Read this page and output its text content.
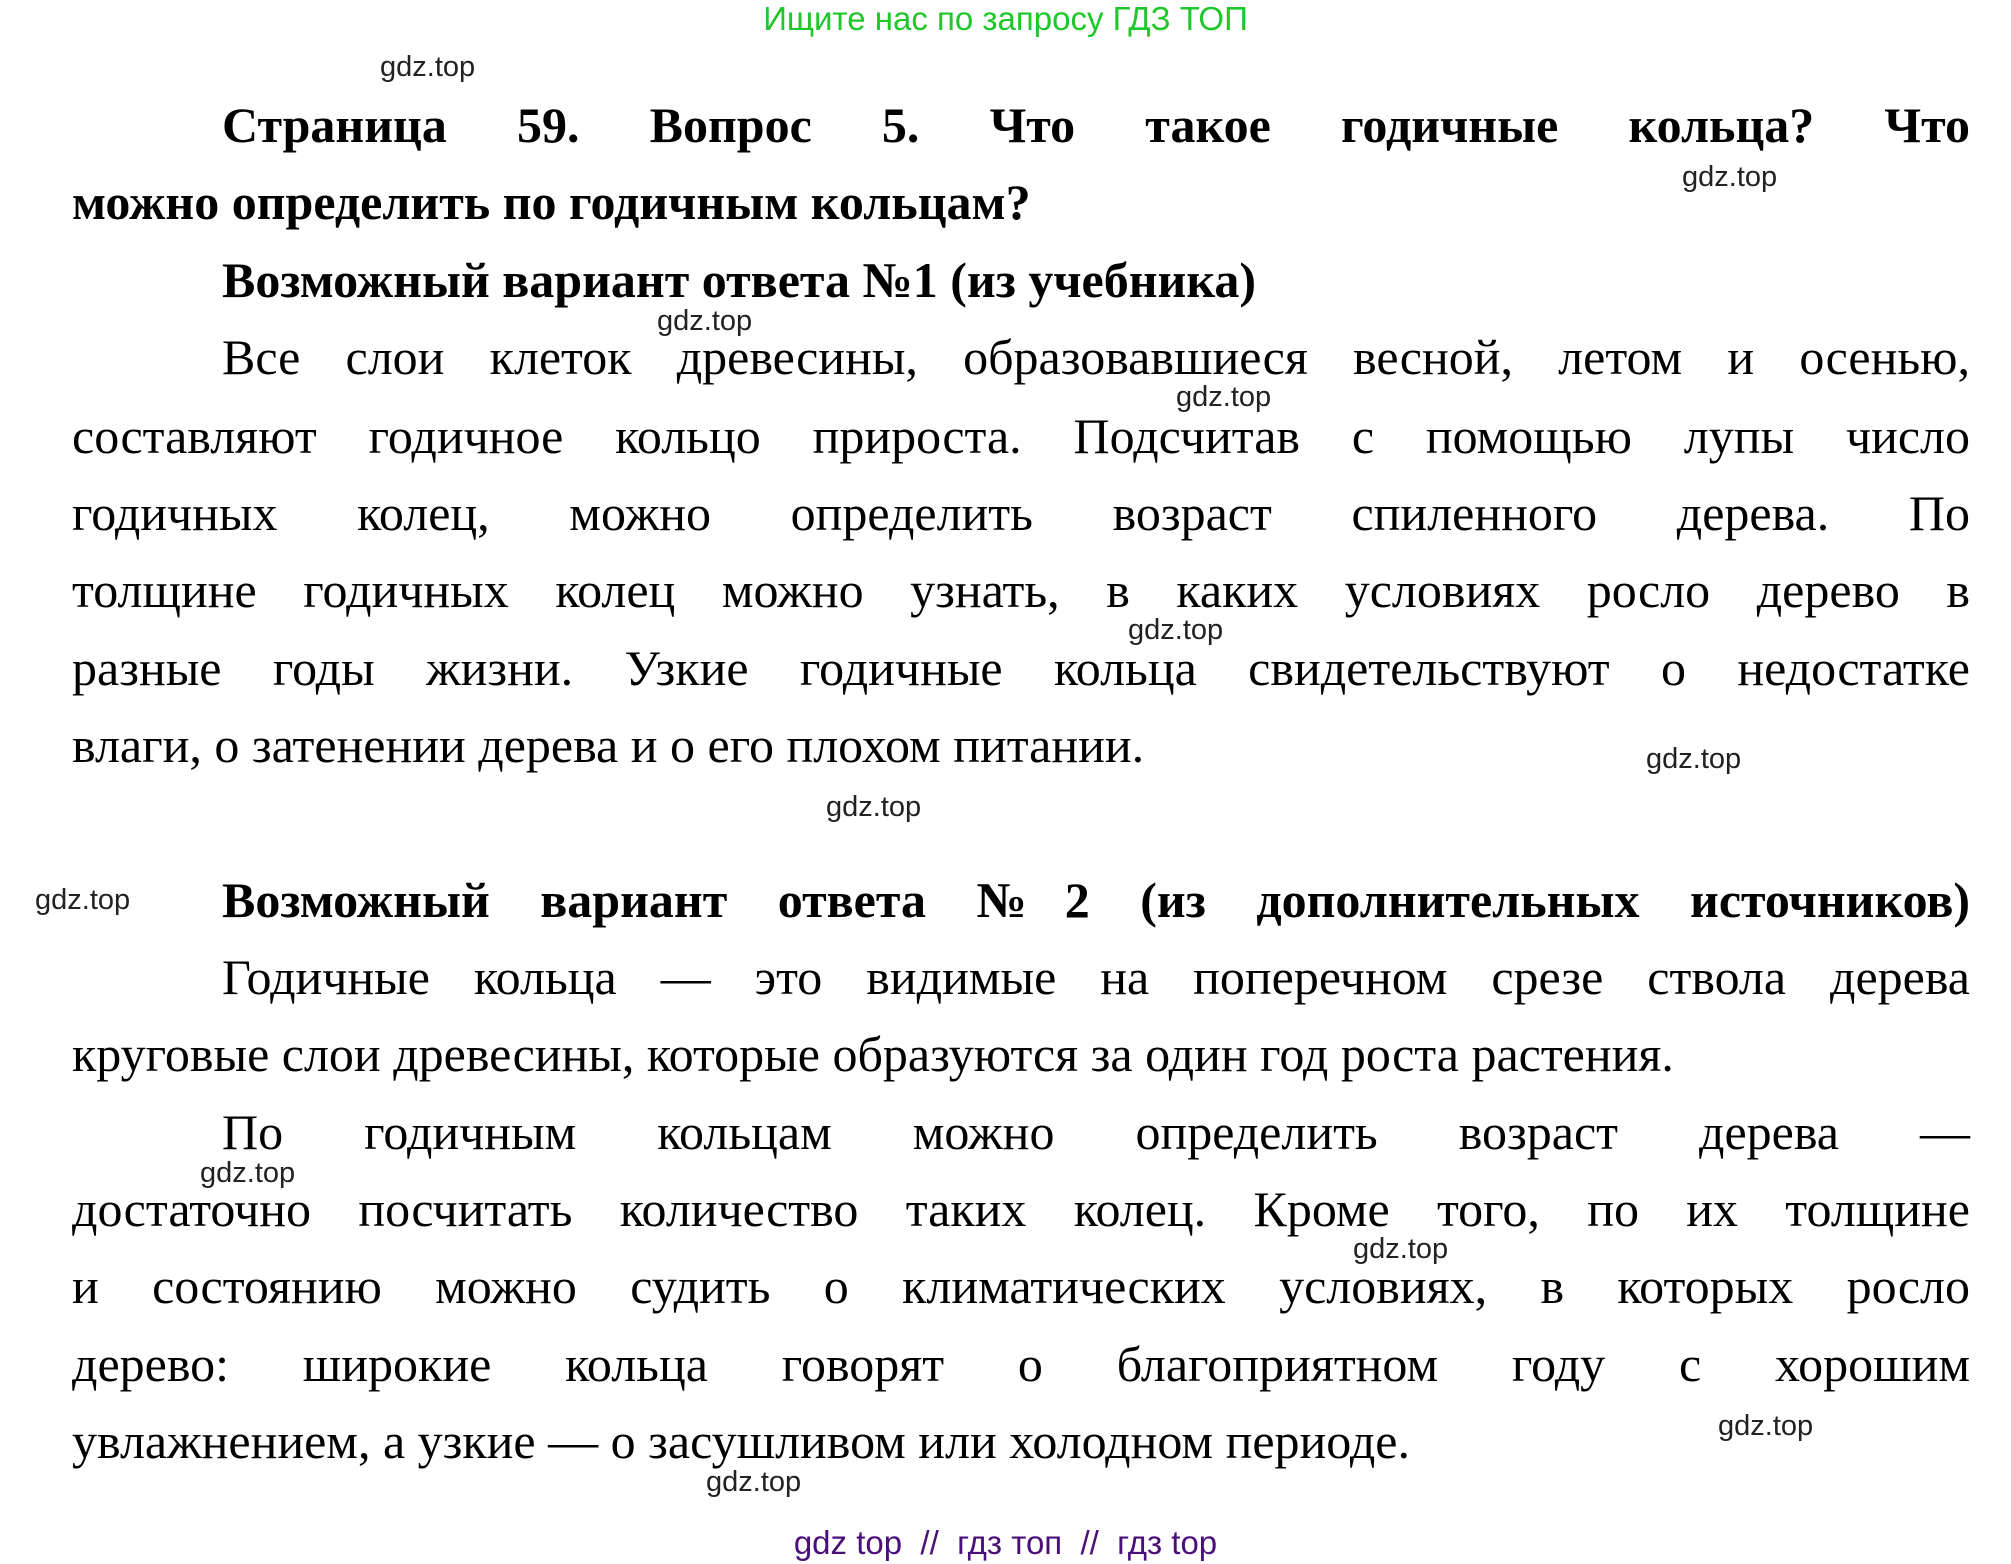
Ищите нас по запросу ГДЗ ТОП
Страница 59. Вопрос 5. Что такое годичные кольца? Что
можно определить по годичным кольцам?
Возможный вариант ответа №1 (из учебника)
Все слои клеток древесины, образовавшиеся весной, летом и осенью,
составляют годичное кольцо прироста. Подсчитав с помощью лупы число
годичных колец, можно определить возраст спиленного дерева. По
толщине годичных колец можно узнать, в каких условиях росло дерево в
разные годы жизни. Узкие годичные кольца свидетельствуют о недостатке
влаги, о затенении дерева и о его плохом питании.
Возможный вариант ответа №2 (из дополнительных источников)
Годичные кольца — это видимые на поперечном срезе ствола дерева
круговые слои древесины, которые образуются за один год роста растения.
По годичным кольцам можно определить возраст дерева —
достаточно посчитать количество таких колец. Кроме того, по их толщине
и состоянию можно судить о климатических условиях, в которых росло
дерево: широкие кольца говорят о благоприятном году с хорошим
увлажнением, а узкие — о засушливом или холодном периоде.
gdz.top
gdz.top
gdz.top
gdz.top
gdz.top
gdz.top
gdz.top
gdz.top
gdz.top
gdz.top
gdz.top
gdz.top
gdz top  //  гдз топ  //  гдз top
